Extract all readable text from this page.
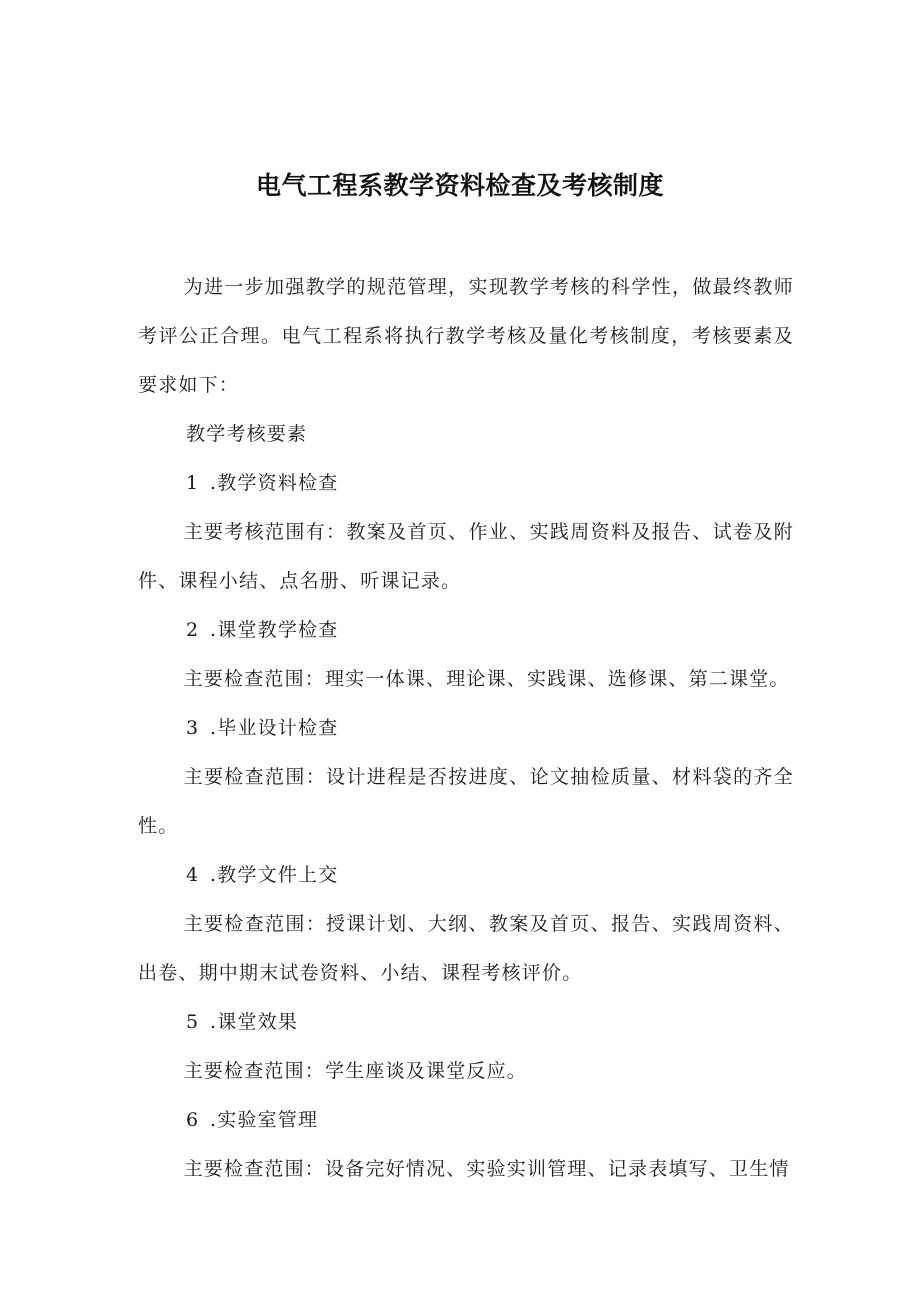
电气工程系教学资料检查及考核制度

为进一步加强教学的规范管理，实现教学考核的科学性，做最终教师考评公正合理。电气工程系将执行教学考核及量化考核制度，考核要素及要求如下：

教学考核要素

1 .教学资料检查

主要考核范围有：教案及首页、作业、实践周资料及报告、试卷及附件、课程小结、点名册、听课记录。

2 .课堂教学检查

主要检查范围：理实一体课、理论课、实践课、选修课、第二课堂。

3 .毕业设计检查

主要检查范围：设计进程是否按进度、论文抽检质量、材料袋的齐全性。

4 .教学文件上交

主要检查范围：授课计划、大纲、教案及首页、报告、实践周资料、出卷、期中期末试卷资料、小结、课程考核评价。

5 .课堂效果

主要检查范围：学生座谈及课堂反应。

6 .实验室管理

主要检查范围：设备完好情况、实验实训管理、记录表填写、卫生情
